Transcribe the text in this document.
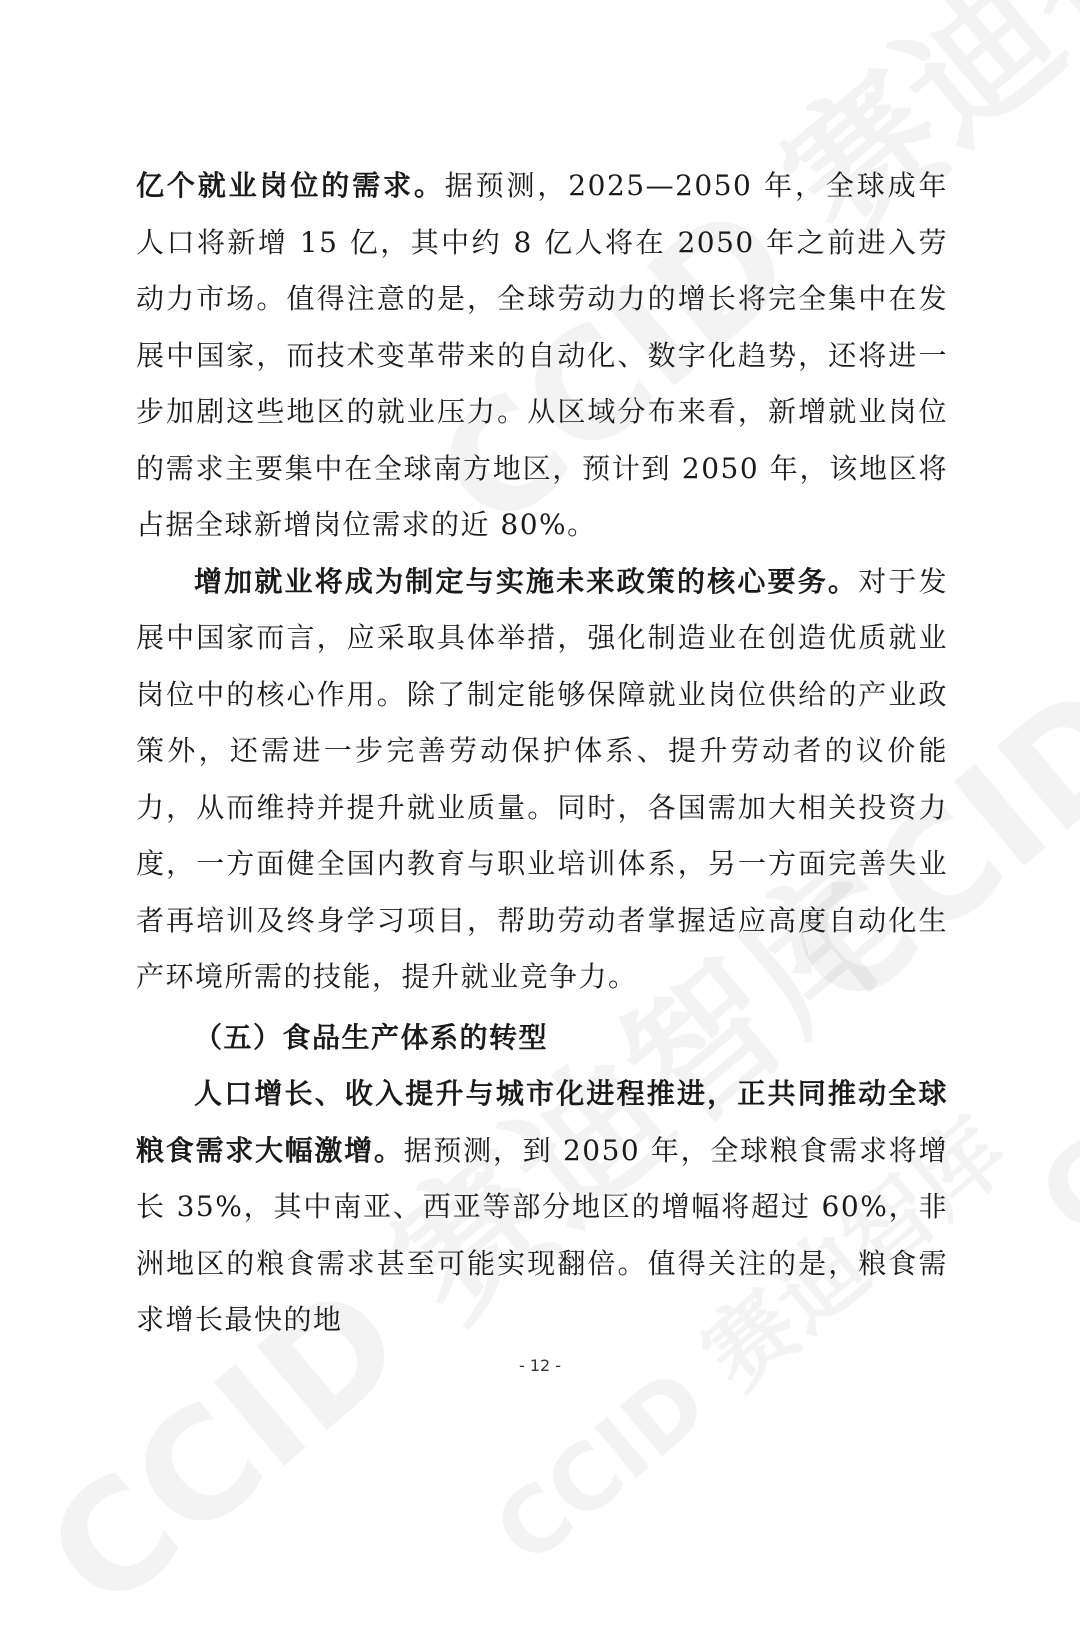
亿个就业岗位的需求。据预测，2025—2050 年，全球成年人口将新增 15 亿，其中约 8 亿人将在 2050 年之前进入劳动力市场。值得注意的是，全球劳动力的增长将完全集中在发展中国家，而技术变革带来的自动化、数字化趋势，还将进一步加剧这些地区的就业压力。从区域分布来看，新增就业岗位的需求主要集中在全球南方地区，预计到 2050 年，该地区将占据全球新增岗位需求的近 80%。

增加就业将成为制定与实施未来政策的核心要务。对于发展中国家而言，应采取具体举措，强化制造业在创造优质就业岗位中的核心作用。除了制定能够保障就业岗位供给的产业政策外，还需进一步完善劳动保护体系、提升劳动者的议价能力，从而维持并提升就业质量。同时，各国需加大相关投资力度，一方面健全国内教育与职业培训体系，另一方面完善失业者再培训及终身学习项目，帮助劳动者掌握适应高度自动化生产环境所需的技能，提升就业竞争力。

（五）食品生产体系的转型

人口增长、收入提升与城市化进程推进，正共同推动全球粮食需求大幅激增。据预测，到 2050 年，全球粮食需求将增长 35%，其中南亚、西亚等部分地区的增幅将超过 60%，非洲地区的粮食需求甚至可能实现翻倍。值得关注的是，粮食需求增长最快的地

- 12 -
